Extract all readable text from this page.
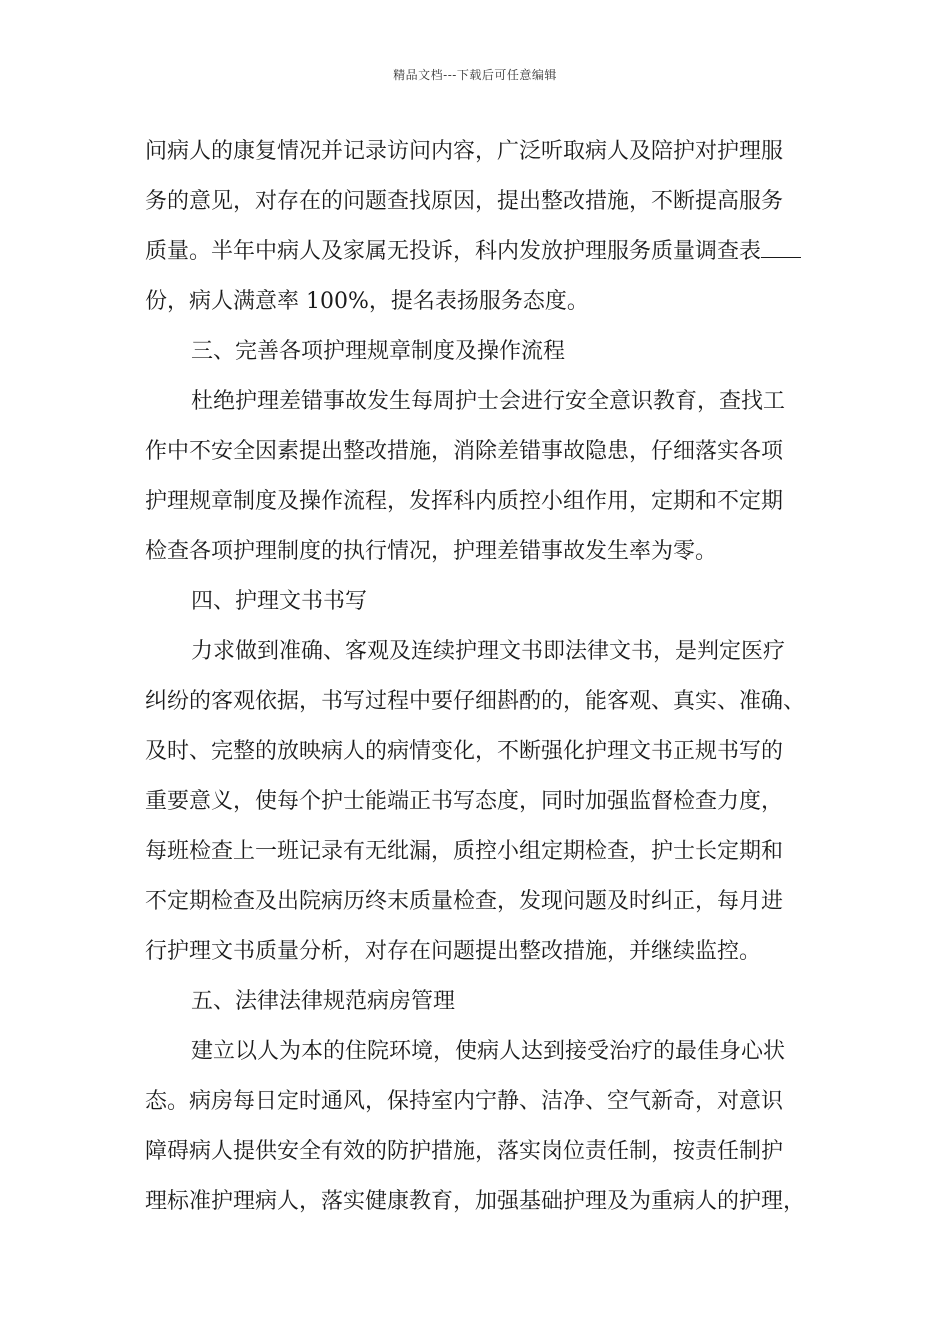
精品文档---下载后可任意编辑
问病人的康复情况并记录访问内容，广泛听取病人及陪护对护理服
务的意见，对存在的问题查找原因，提出整改措施，不断提高服务
质量。半年中病人及家属无投诉，科内发放护理服务质量调查表
份，病人满意率 100%，提名表扬服务态度。
三、完善各项护理规章制度及操作流程
杜绝护理差错事故发生每周护士会进行安全意识教育，查找工
作中不安全因素提出整改措施，消除差错事故隐患，仔细落实各项
护理规章制度及操作流程，发挥科内质控小组作用，定期和不定期
检查各项护理制度的执行情况，护理差错事故发生率为零。
四、护理文书书写
力求做到准确、客观及连续护理文书即法律文书，是判定医疗
纠纷的客观依据，书写过程中要仔细斟酌的，能客观、真实、准确、
及时、完整的放映病人的病情变化，不断强化护理文书正规书写的
重要意义，使每个护士能端正书写态度，同时加强监督检查力度，
每班检查上一班记录有无纰漏，质控小组定期检查，护士长定期和
不定期检查及出院病历终末质量检查，发现问题及时纠正，每月进
行护理文书质量分析，对存在问题提出整改措施，并继续监控。
五、法律法律规范病房管理
建立以人为本的住院环境，使病人达到接受治疗的最佳身心状
态。病房每日定时通风，保持室内宁静、洁净、空气新奇，对意识
障碍病人提供安全有效的防护措施，落实岗位责任制，按责任制护
理标准护理病人，落实健康教育，加强基础护理及为重病人的护理，
